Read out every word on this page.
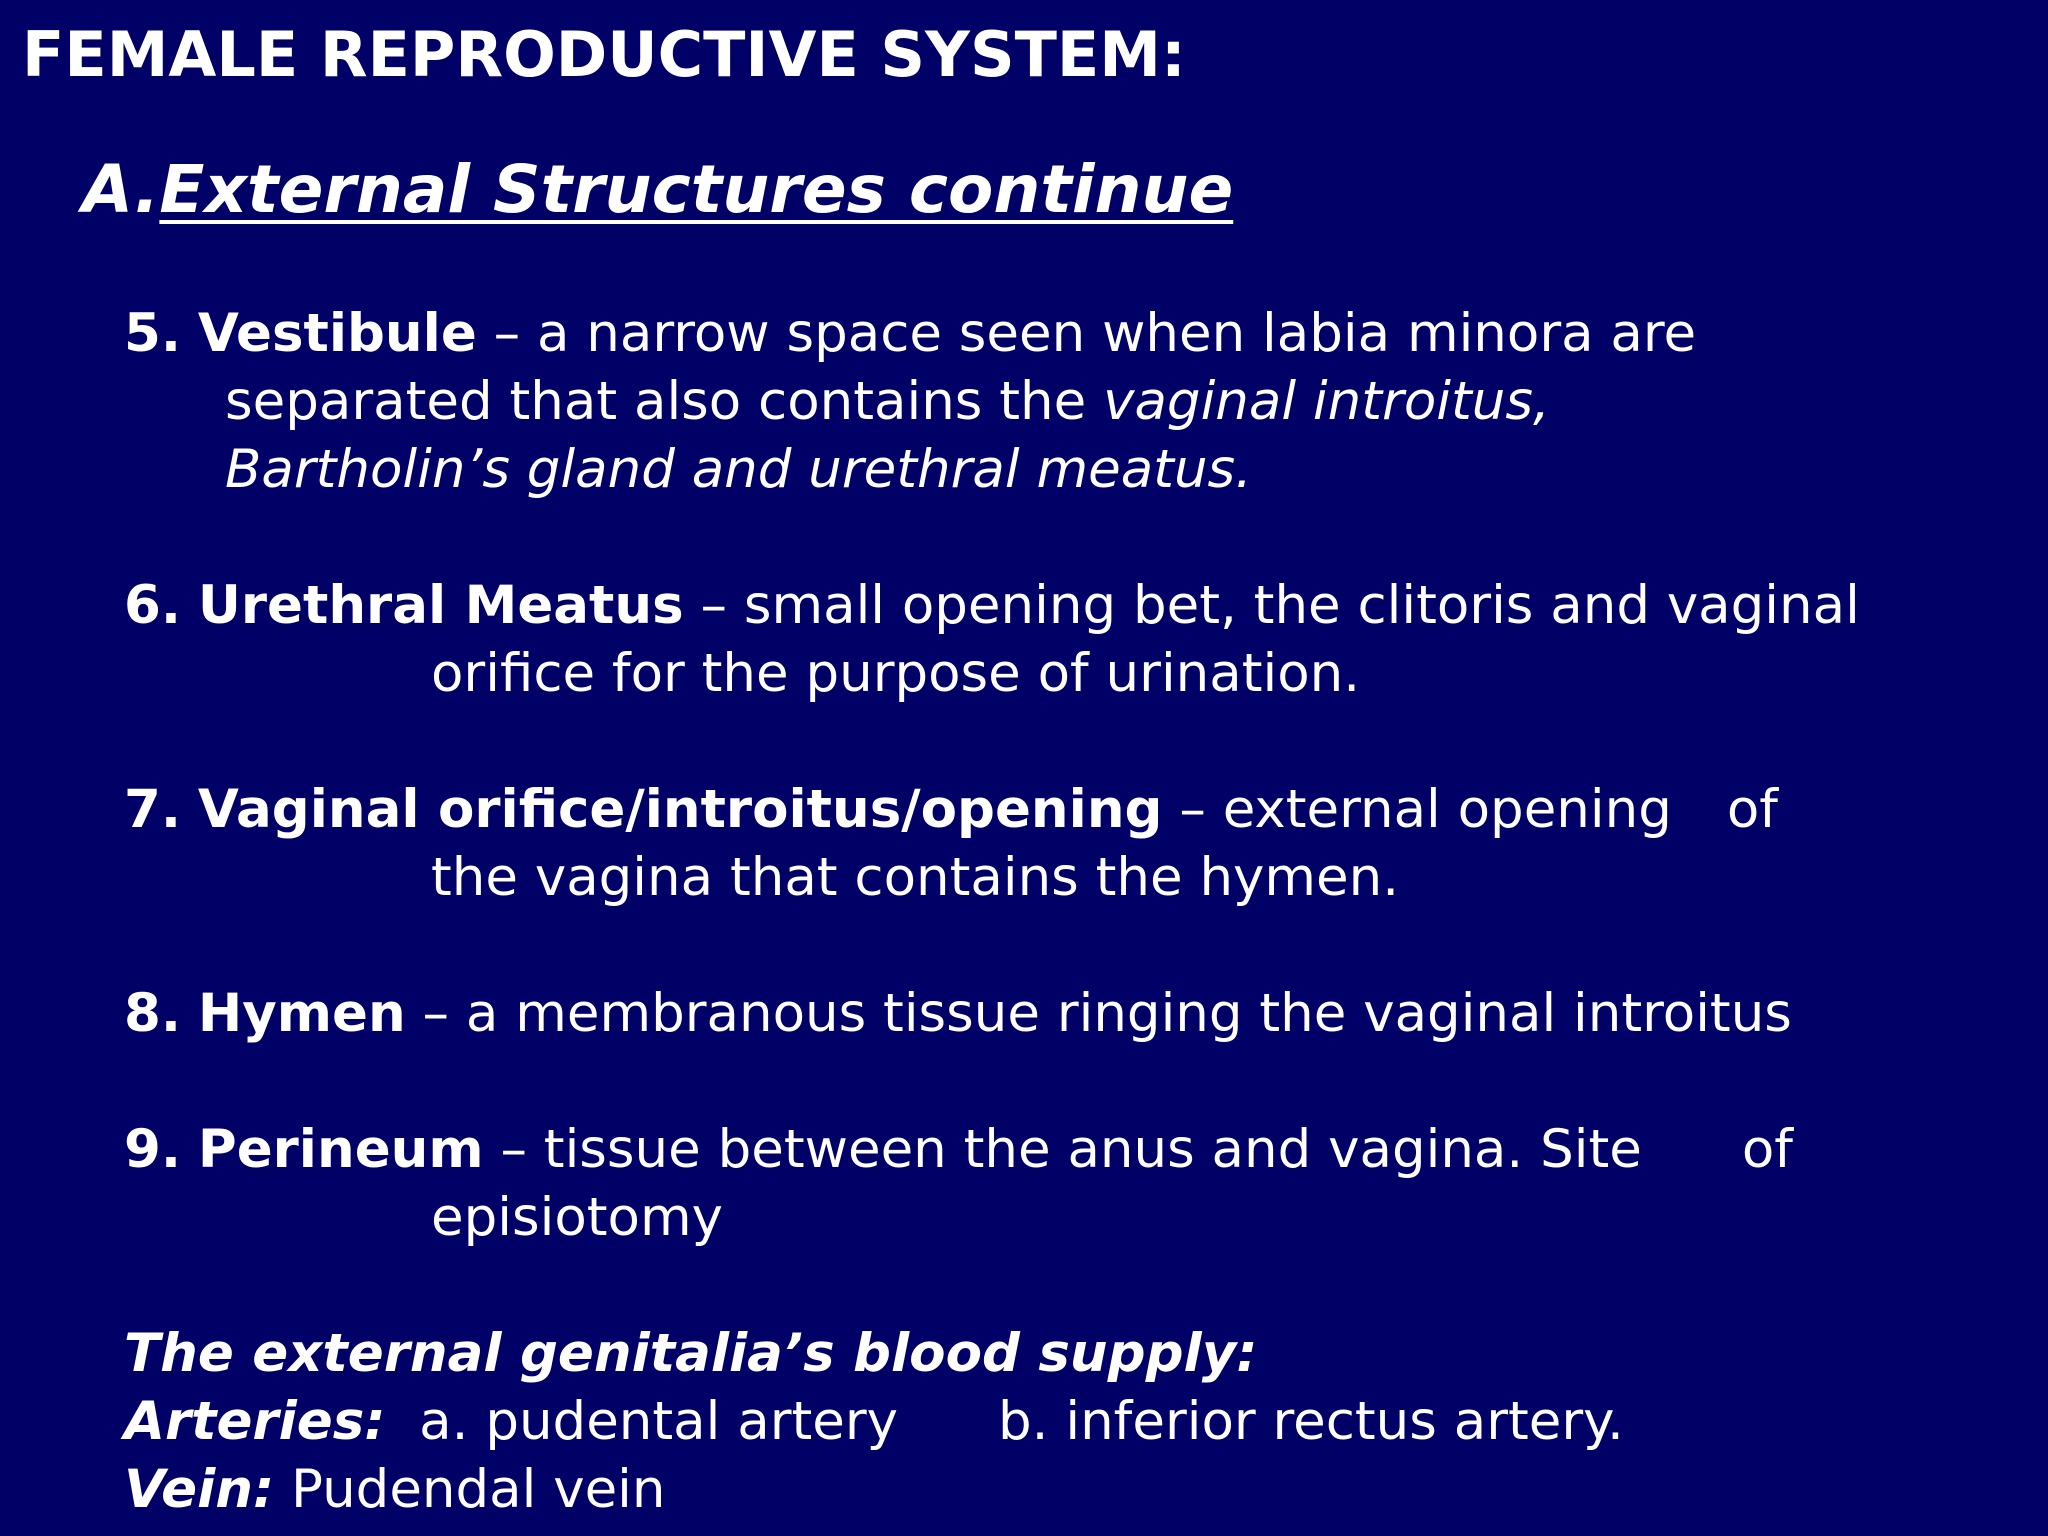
FEMALE REPRODUCTIVE SYSTEM:
A.External Structures continue
5. Vestibule – a narrow space seen when labia minora are
separated that also contains the vaginal introitus,
Bartholin’s gland and urethral meatus.
6. Urethral Meatus – small opening bet, the clitoris and vaginal
orifice for the purpose of urination.
7. Vaginal orifice/introitus/opening – external opening of
the vagina that contains the hymen.
8. Hymen – a membranous tissue ringing the vaginal introitus
9. Perineum – tissue between the anus and vagina. Site of
episiotomy
The external genitalia’s blood supply:
Arteries: a. pudental artery b. inferior rectus artery.
Vein: Pudendal vein
